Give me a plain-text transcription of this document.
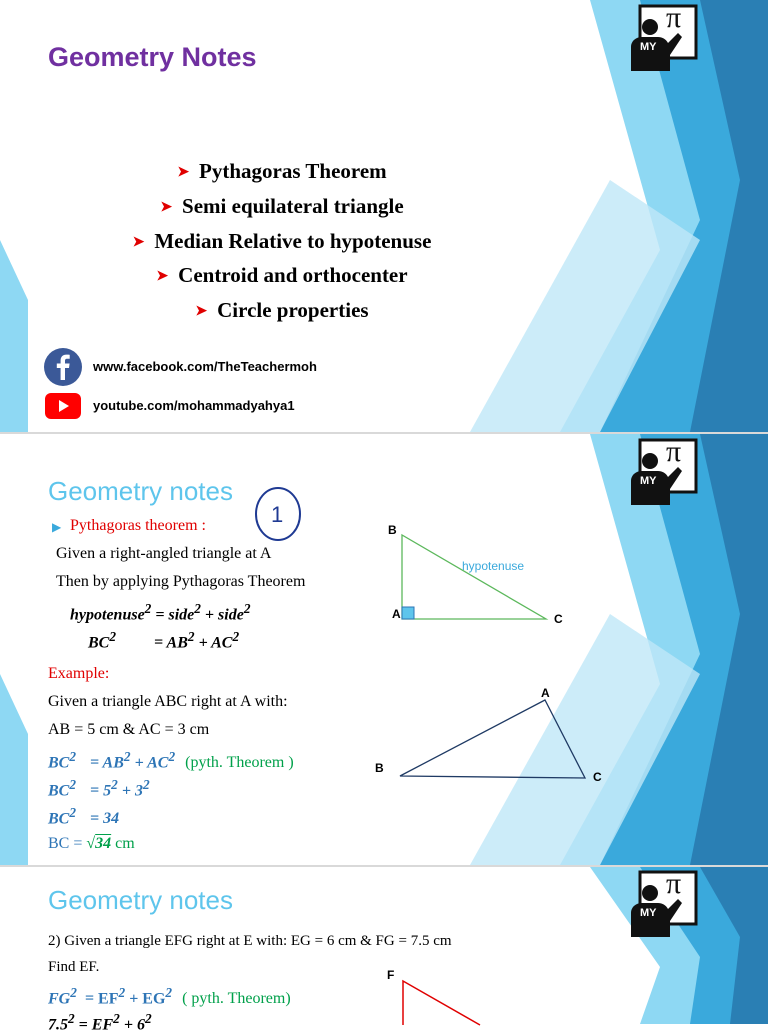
Geometry Notes
➤ Pythagoras Theorem
➤ Semi equilateral triangle
➤ Median Relative to hypotenuse
➤ Centroid and orthocenter
➤ Circle properties
www.facebook.com/TheTeachermoh
youtube.com/mohammadyahya1
π
MY
Geometry notes
1
▶ Pythagoras theorem :
Given a right-angled triangle at A
Then by applying Pythagoras Theorem
hypotenuse$^2$ = side$^2$ + side$^2$
$BC^2 = AB^2 + AC^2$
B
A	C
hypotenuse
Example:
Given a triangle ABC right at A with:
AB = 5 cm & AC = 3 cm
$BC^2 = AB^2 + AC^2$ (pyth. Theorem )
$BC^2 = 5^2 + 3^2$
$BC^2 = 34$
BC = √34 cm
A
B
C
π
MY
Geometry notes
2) Given a triangle EFG right at E with: EG = 6 cm & FG = 7.5 cm
Find EF.
$FG^2 = EF^2 + EG^2$ ( pyth. Theorem)
$7.5^2 = EF^2 + 6^2$
F
π
MY
